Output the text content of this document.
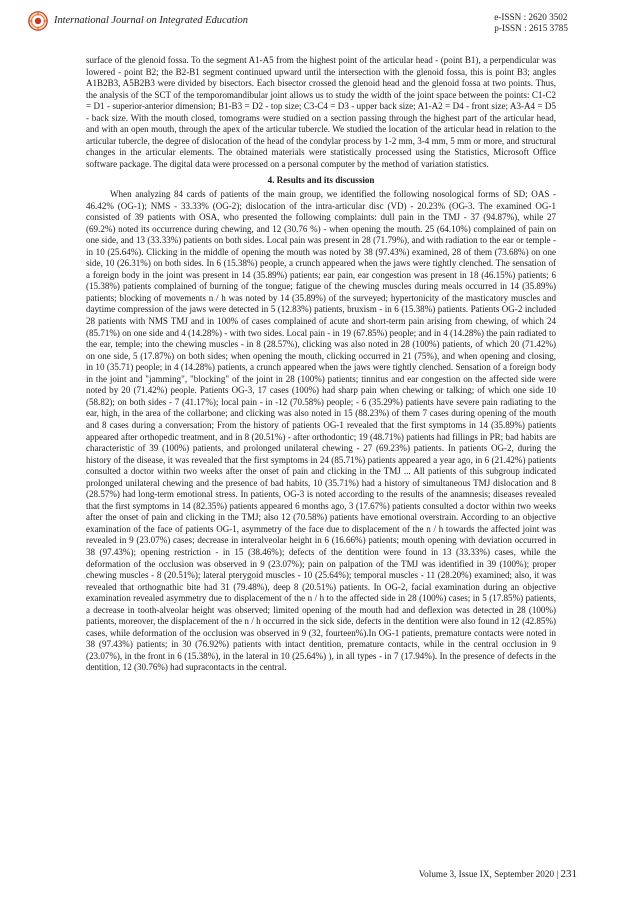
International Journal on Integrated Education	e-ISSN : 2620 3502
p-ISSN : 2615 3785

surface of the glenoid fossa. To the segment A1-A5 from the highest point of the articular head - (point B1), a perpendicular was lowered - point B2; the B2-B1 segment continued upward until the intersection with the glenoid fossa, this is point B3; angles A1B2B3, A5B2B3 were divided by bisectors. Each bisector crossed the glenoid head and the glenoid fossa at two points. Thus, the analysis of the SCT of the temporomandibular joint allows us to study the width of the joint space between the points: C1-C2 = D1 - superior-anterior dimension; B1-B3 = D2 - top size; C3-C4 = D3 - upper back size; A1-A2 = D4 - front size; A3-A4 = D5 - back size. With the mouth closed, tomograms were studied on a section passing through the highest part of the articular head, and with an open mouth, through the apex of the articular tubercle. We studied the location of the articular head in relation to the articular tubercle, the degree of dislocation of the head of the condylar process by 1-2 mm, 3-4 mm, 5 mm or more, and structural changes in the articular elements. The obtained materials were statistically processed using the Statistics, Microsoft Office software package. The digital data were processed on a personal computer by the method of variation statistics.

4. Results and its discussion

When analyzing 84 cards of patients of the main group, we identified the following nosological forms of SD; OAS - 46.42% (OG-1); NMS - 33.33% (OG-2); dislocation of the intra-articular disc (VD) - 20.23% (OG-3. The examined OG-1 consisted of 39 patients with OSA, who presented the following complaints: dull pain in the TMJ - 37 (94.87%), while 27 (69.2%) noted its occurrence during chewing, and 12 (30.76 %) - when opening the mouth. 25 (64.10%) complained of pain on one side, and 13 (33.33%) patients on both sides. Local pain was present in 28 (71.79%), and with radiation to the ear or temple - in 10 (25.64%). Clicking in the middle of opening the mouth was noted by 38 (97.43%) examined, 28 of them (73.68%) on one side, 10 (26.31%) on both sides. In 6 (15.38%) people, a crunch appeared when the jaws were tightly clenched. The sensation of a foreign body in the joint was present in 14 (35.89%) patients; ear pain, ear congestion was present in 18 (46.15%) patients; 6 (15.38%) patients complained of burning of the tongue; fatigue of the chewing muscles during meals occurred in 14 (35.89%) patients; blocking of movements n / h was noted by 14 (35.89%) of the surveyed; hypertonicity of the masticatory muscles and daytime compression of the jaws were detected in 5 (12.83%) patients, bruxism - in 6 (15.38%) patients. Patients OG-2 included 28 patients with NMS TMJ and in 100% of cases complained of acute and short-term pain arising from chewing, of which 24 (85.71%) on one side and 4 (14.28%) - with two sides. Local pain - in 19 (67.85%) people; and in 4 (14.28%) the pain radiated to the ear, temple; into the chewing muscles - in 8 (28.57%), clicking was also noted in 28 (100%) patients, of which 20 (71.42%) on one side, 5 (17.87%) on both sides; when opening the mouth, clicking occurred in 21 (75%), and when opening and closing, in 10 (35.71) people; in 4 (14.28%) patients, a crunch appeared when the jaws were tightly clenched. Sensation of a foreign body in the joint and "jamming", "blocking" of the joint in 28 (100%) patients; tinnitus and ear congestion on the affected side were noted by 20 (71.42%) people. Patients OG-3, 17 cases (100%) had sharp pain when chewing or talking; of which one side 10 (58.82); on both sides - 7 (41.17%); local pain - in -12 (70.58%) people; - 6 (35.29%) patients have severe pain radiating to the ear, high, in the area of the collarbone; and clicking was also noted in 15 (88.23%) of them 7 cases during opening of the mouth and 8 cases during a conversation; From the history of patients OG-1 revealed that the first symptoms in 14 (35.89%) patients appeared after orthopedic treatment, and in 8 (20.51%) - after orthodontic; 19 (48.71%) patients had fillings in PR; bad habits are characteristic of 39 (100%) patients, and prolonged unilateral chewing - 27 (69.23%) patients. In patients OG-2, during the history of the disease, it was revealed that the first symptoms in 24 (85.71%) patients appeared a year ago, in 6 (21.42%) patients consulted a doctor within two weeks after the onset of pain and clicking in the TMJ ... All patients of this subgroup indicated prolonged unilateral chewing and the presence of bad habits, 10 (35.71%) had a history of simultaneous TMJ dislocation and 8 (28.57%) had long-term emotional stress. In patients, OG-3 is noted according to the results of the anamnesis; diseases revealed that the first symptoms in 14 (82.35%) patients appeared 6 months ago, 3 (17.67%) patients consulted a doctor within two weeks after the onset of pain and clicking in the TMJ; also 12 (70.58%) patients have emotional overstrain. According to an objective examination of the face of patients OG-1, asymmetry of the face due to displacement of the n / h towards the affected joint was revealed in 9 (23.07%) cases; decrease in interalveolar height in 6 (16.66%) patients; mouth opening with deviation occurred in 38 (97.43%); opening restriction - in 15 (38.46%); defects of the dentition were found in 13 (33.33%) cases, while the deformation of the occlusion was observed in 9 (23.07%); pain on palpation of the TMJ was identified in 39 (100%); proper chewing muscles - 8 (20.51%); lateral pterygoid muscles - 10 (25.64%); temporal muscles - 11 (28.20%) examined; also, it was revealed that orthognathic bite had 31 (79.48%), deep 8 (20.51%) patients. In OG-2, facial examination during an objective examination revealed asymmetry due to displacement of the n / h to the affected side in 28 (100%) cases; in 5 (17.85%) patients, a decrease in tooth-alveolar height was observed; limited opening of the mouth had and deflexion was detected in 28 (100%) patients, moreover, the displacement of the n / h occurred in the sick side, defects in the dentition were also found in 12 (42.85%) cases, while deformation of the occlusion was observed in 9 (32, fourteen%).In OG-1 patients, premature contacts were noted in 38 (97.43%) patients; in 30 (76.92%) patients with intact dentition, premature contacts, while in the central occlusion in 9 (23.07%), in the front in 6 (15.38%), in the lateral in 10 (25.64%) ), in all types - in 7 (17.94%). In the presence of defects in the dentition, 12 (30.76%) had supracontacts in the central.

Volume 3, Issue IX, September 2020 | 231
